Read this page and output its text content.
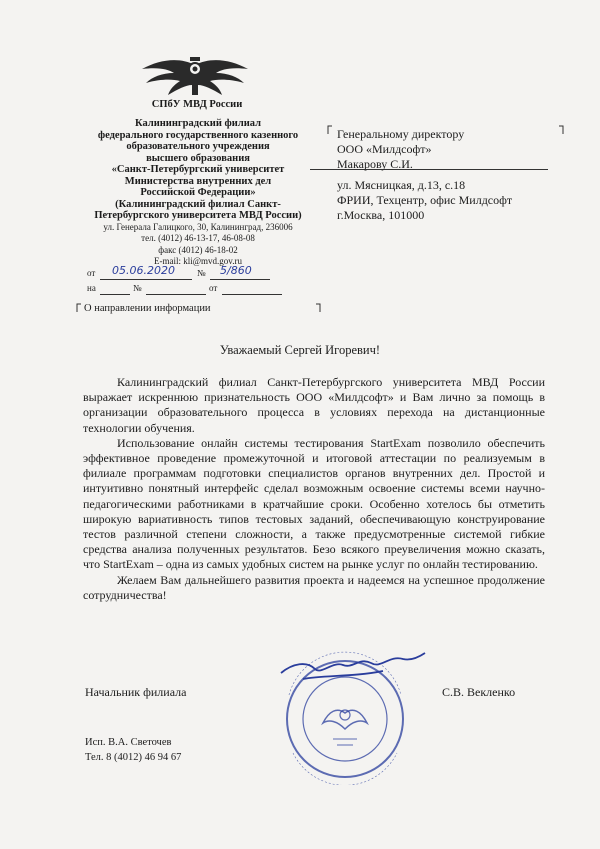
СПбУ МВД России
Калининградский филиал
федерального государственного казенного
образовательного учреждения
высшего образования
«Санкт-Петербургский университет
Министерства внутренних дел
Российской Федерации»
(Калининградский филиал Санкт-
Петербургского университета МВД России)
ул. Генерала Галицкого, 30, Калининград, 236006
тел. (4012) 46-13-17, 46-08-08
факс (4012) 46-18-02
E-mail: kli@mvd.gov.ru
от 05.06.2020 № 5/860
на	№	от
Генеральному директору
ООО «Милдсофт»
Макарову С.И.
ул. Мясницкая, д.13, с.18
ФРИИ, Техцентр, офис Милдсофт
г.Москва, 101000
О направлении информации
Уважаемый Сергей Игоревич!

Калининградский филиал Санкт-Петербургского университета МВД России выражает искреннюю признательность ООО «Милдсофт» и Вам лично за помощь в организации образовательного процесса в условиях перехода на дистанционные технологии обучения.

Использование онлайн системы тестирования StartExam позволило обеспечить эффективное проведение промежуточной и итоговой аттестации по реализуемым в филиале программам подготовки специалистов органов внутренних дел. Простой и интуитивно понятный интерфейс сделал возможным освоение системы всеми научно-педагогическими работниками в кратчайшие сроки. Особенно хотелось бы отметить широкую вариативность типов тестовых заданий, обеспечивающую конструирование тестов различной степени сложности, а также предусмотренные системой гибкие средства анализа полученных результатов. Безо всякого преувеличения можно сказать, что StartExam – одна из самых удобных систем на рынке услуг по онлайн тестированию.

Желаем Вам дальнейшего развития проекта и надеемся на успешное продолжение сотрудничества!

Начальник филиала	С.В. Векленко
Исп. В.А. Светочев
Тел. 8 (4012) 46 94 67
